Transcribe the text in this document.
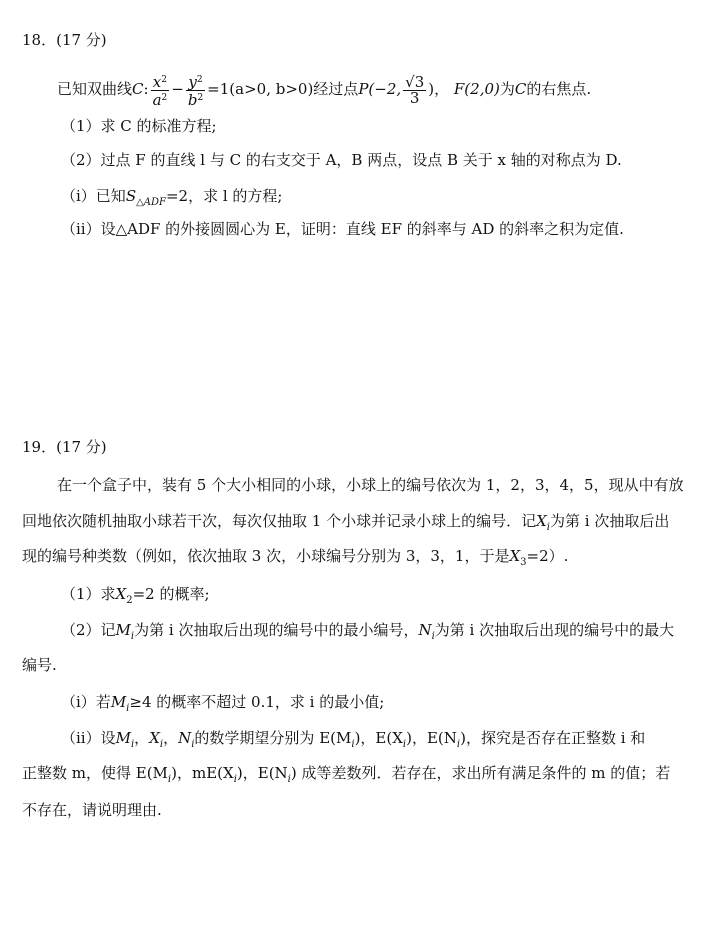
18．(17 分)
已知双曲线C: $\frac{x^2}{a^2} - \frac{y^2}{b^2} =1(a>0$, b>0)经过点P(−2, $\frac{√3}{3}$ )， F(2,0)为C的右焦点.
（1）求 C 的标准方程;
（2）过点 F 的直线 l 与 C 的右支交于 A，B 两点，设点 B 关于 x 轴的对称点为 D.
（i）已知$S_{\triangle ADF}=2$，求 l 的方程;
（ii）设△ADF 的外接圆圆心为 E，证明：直线 EF 的斜率与 AD 的斜率之积为定值.
19．(17 分)
在一个盒子中，装有 5 个大小相同的小球，小球上的编号依次为 1，2，3，4，5，现从中有放
回地依次随机抽取小球若干次，每次仅抽取 1 个小球并记录小球上的编号．记$X_i$为第 i 次抽取后出
现的编号种类数（例如，依次抽取 3 次，小球编号分别为 3，3，1，于是$X_3=2$）.
（1）求$X_2=2$ 的概率;
（2）记$M_i$为第 i 次抽取后出现的编号中的最小编号，$N_i$为第 i 次抽取后出现的编号中的最大
编号.
（i）若$M_i\ge 4$ 的概率不超过 0.1，求 i 的最小值;
（ii）设$M_i$，$X_i$，$N_i$的数学期望分别为 $E(M_i)$，$E(X_i)$，$E(N_i)$，探究是否存在正整数 i 和
正整数 m，使得 $E(M_i)$，$mE(X_i)$，$E(N_i)$ 成等差数列．若存在，求出所有满足条件的 m 的值；若
不存在，请说明理由.
